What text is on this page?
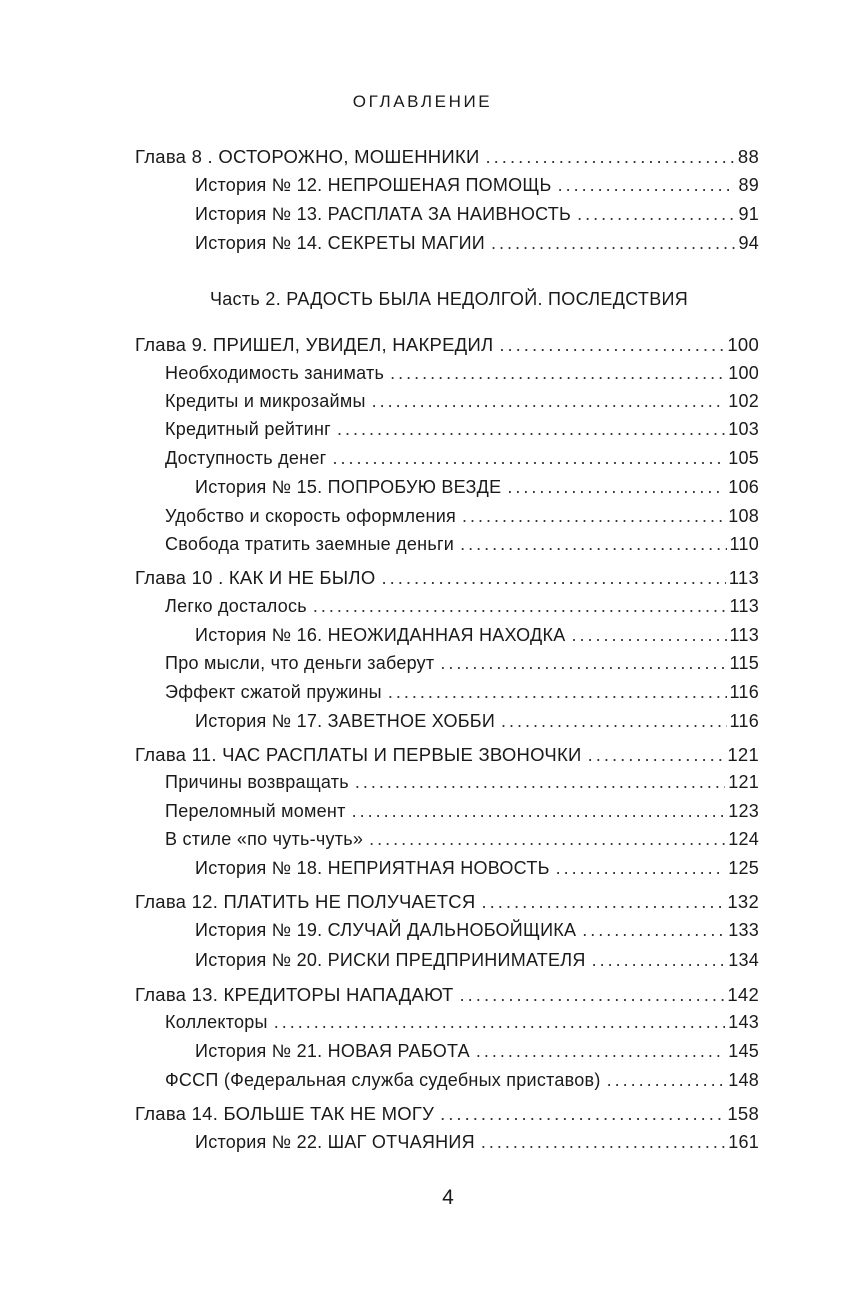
ОГЛАВЛЕНИЕ
Часть 2. РАДОСТЬ БЫЛА НЕДОЛГОЙ. ПОСЛЕДСТВИЯ
Глава 8 . ОСТОРОЖНО, МОШЕННИКИ .....	88
История № 12. НЕПРОШЕНАЯ ПОМОЩЬ .....	89
История № 13. РАСПЛАТА ЗА НАИВНОСТЬ .....	91
История № 14. СЕКРЕТЫ МАГИИ .....	94
Глава 9. ПРИШЕЛ, УВИДЕЛ, НАКРЕДИЛ .....	100
Необходимость занимать .....	100
Кредиты и микрозаймы .....	102
Кредитный рейтинг .....	103
Доступность денег .....	105
История № 15. ПОПРОБУЮ ВЕЗДЕ .....	106
Удобство и скорость оформления .....	108
Свобода тратить заемные деньги .....	110
Глава 10 . КАК И НЕ БЫЛО .....	113
Легко досталось .....	113
История № 16. НЕОЖИДАННАЯ НАХОДКА .....	113
Про мысли, что деньги заберут .....	115
Эффект сжатой пружины .....	116
История № 17. ЗАВЕТНОЕ ХОББИ .....	116
Глава 11. ЧАС РАСПЛАТЫ И ПЕРВЫЕ ЗВОНОЧКИ .....	121
Причины возвращать .....	121
Переломный момент .....	123
В стиле «по чуть-чуть» .....	124
История № 18. НЕПРИЯТНАЯ НОВОСТЬ .....	125
Глава 12. ПЛАТИТЬ НЕ ПОЛУЧАЕТСЯ .....	132
История № 19. СЛУЧАЙ ДАЛЬНОБОЙЩИКА .....	133
История № 20. РИСКИ ПРЕДПРИНИМАТЕЛЯ .....	134
Глава 13. КРЕДИТОРЫ НАПАДАЮТ .....	142
Коллекторы .....	143
История № 21. НОВАЯ РАБОТА .....	145
ФССП (Федеральная служба судебных приставов) .....	148
Глава 14. БОЛЬШЕ ТАК НЕ МОГУ .....	158
История № 22. ШАГ ОТЧАЯНИЯ .....	161
4
